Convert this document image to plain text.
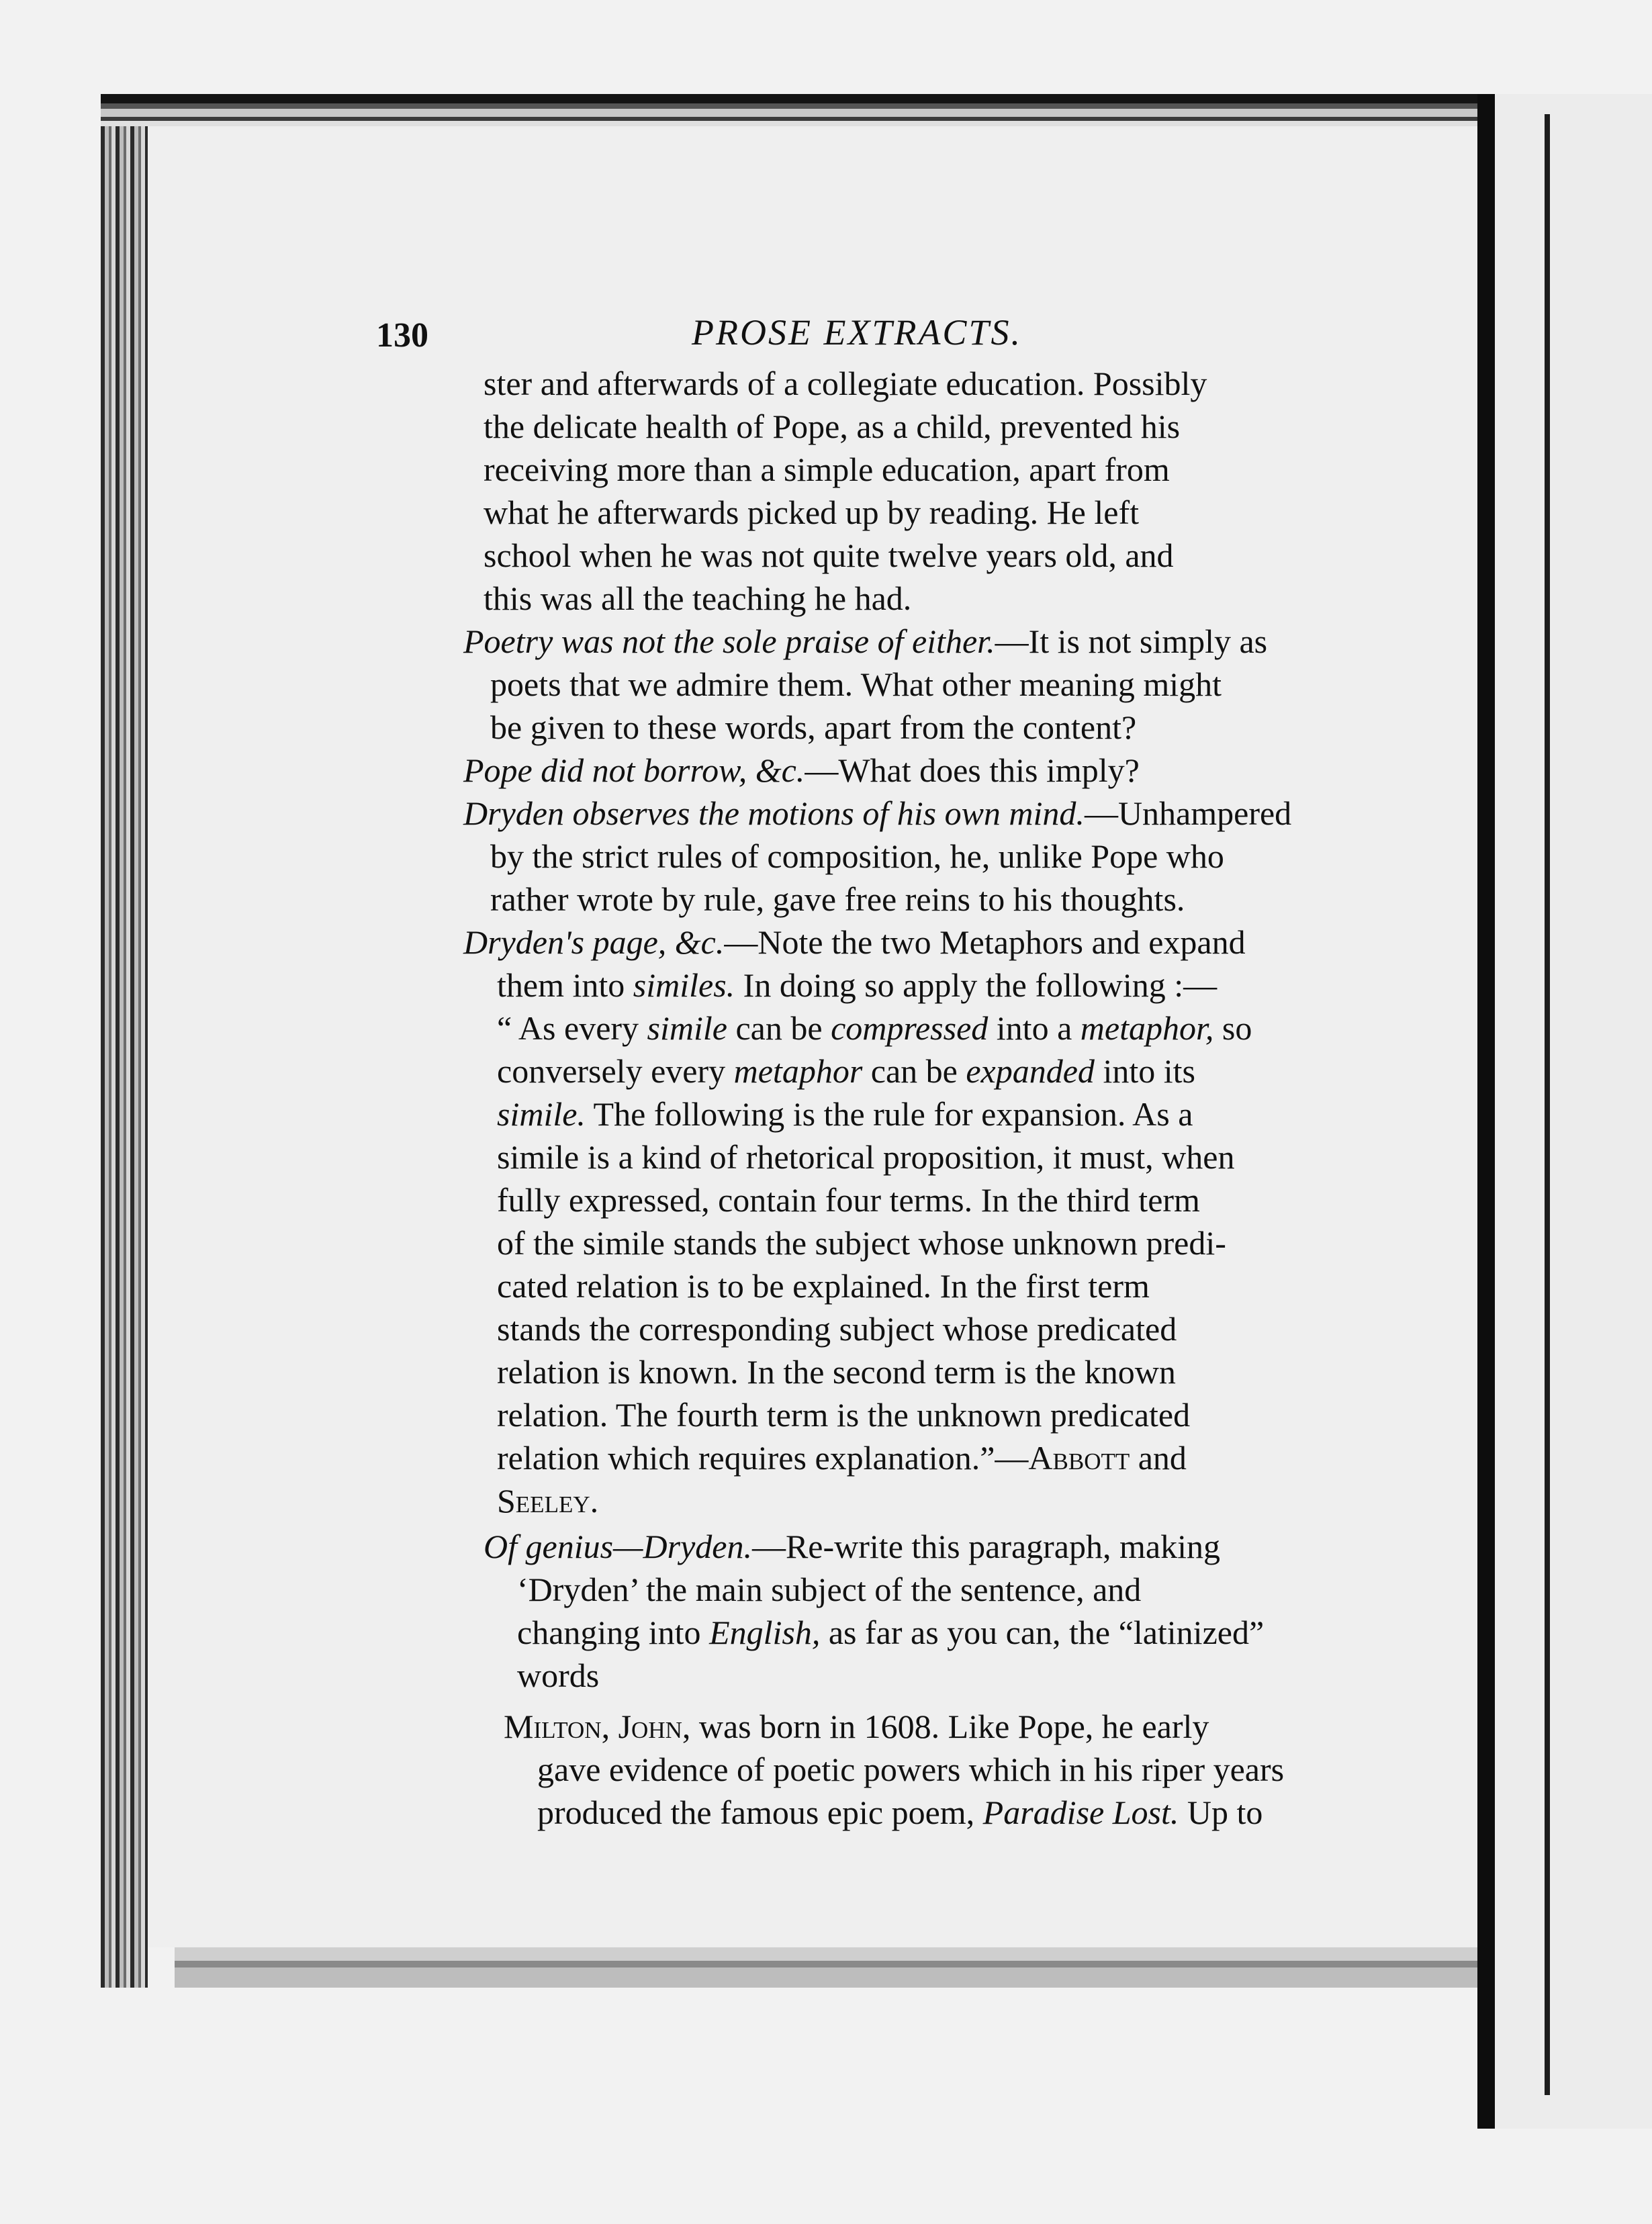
130	PROSE EXTRACTS.
ster and afterwards of a collegiate education. Possibly
the delicate health of Pope, as a child, prevented his
receiving more than a simple education, apart from
what he afterwards picked up by reading. He left
school when he was not quite twelve years old, and
this was all the teaching he had.
Poetry was not the sole praise of either.—It is not simply as
poets that we admire them. What other meaning might
be given to these words, apart from the content?
Pope did not borrow, &c.—What does this imply?
Dryden observes the motions of his own mind.—Unhampered
by the strict rules of composition, he, unlike Pope who
rather wrote by rule, gave free reins to his thoughts.
Dryden's page, &c.—Note the two Metaphors and expand
them into similes. In doing so apply the following :—
“ As every simile can be compressed into a metaphor, so
conversely every metaphor can be expanded into its
simile. The following is the rule for expansion. As a
simile is a kind of rhetorical proposition, it must, when
fully expressed, contain four terms. In the third term
of the simile stands the subject whose unknown predi-
cated relation is to be explained. In the first term
stands the corresponding subject whose predicated
relation is known. In the second term is the known
relation. The fourth term is the unknown predicated
relation which requires explanation.”—Abbott and
Seeley.
Of genius—Dryden.—Re-write this paragraph, making
‘Dryden’ the main subject of the sentence, and
changing into English, as far as you can, the “latinized”
words
Milton, John, was born in 1608. Like Pope, he early
gave evidence of poetic powers which in his riper years
produced the famous epic poem, Paradise Lost. Up to
